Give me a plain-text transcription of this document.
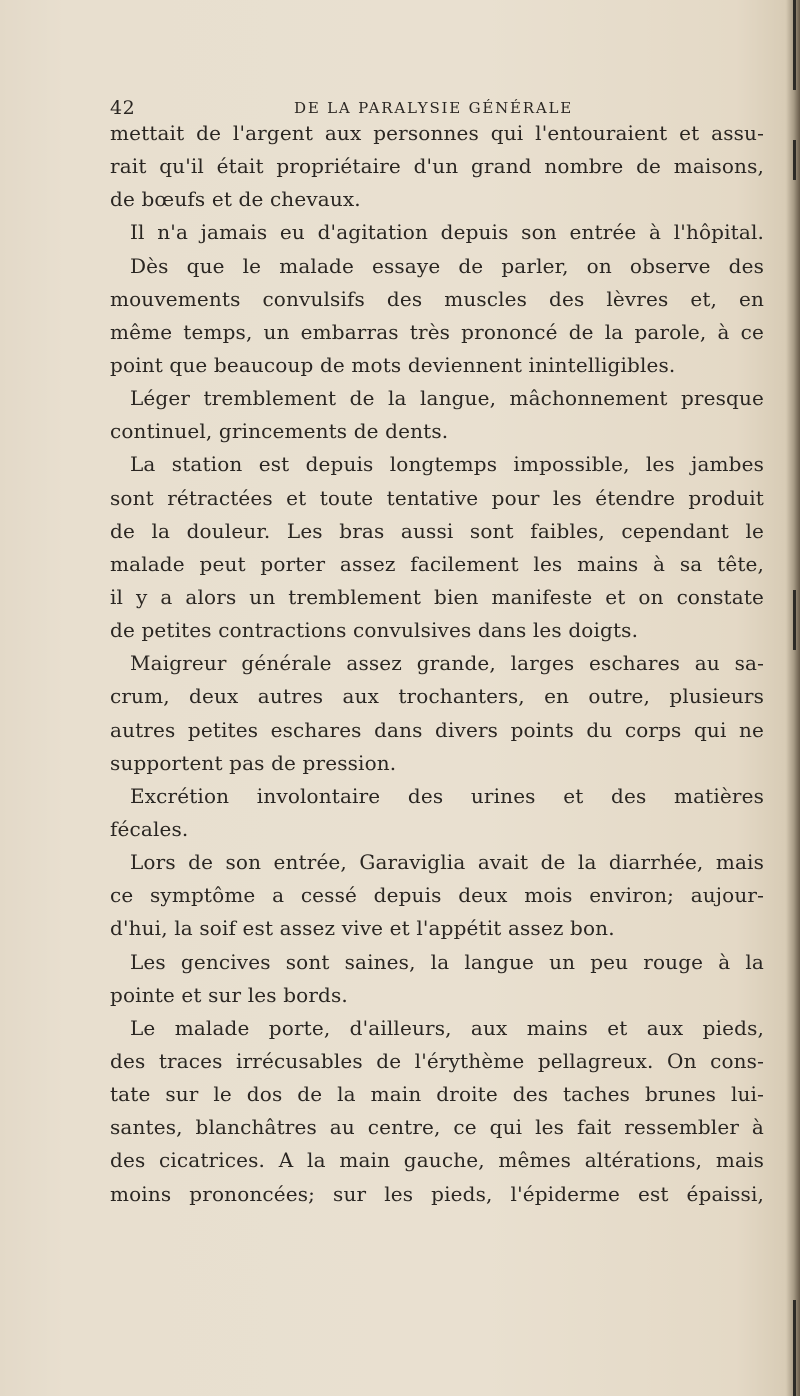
42	DE LA PARALYSIE GÉNÉRALE
mettait de l'argent aux personnes qui l'entouraient et assu-
rait qu'il était propriétaire d'un grand nombre de maisons,
de bœufs et de chevaux.
Il n'a jamais eu d'agitation depuis son entrée à l'hôpital.
Dès que le malade essaye de parler, on observe des
mouvements convulsifs des muscles des lèvres et, en
même temps, un embarras très prononcé de la parole, à ce
point que beaucoup de mots deviennent inintelligibles.
Léger tremblement de la langue, mâchonnement presque
continuel, grincements de dents.
La station est depuis longtemps impossible, les jambes
sont rétractées et toute tentative pour les étendre produit
de la douleur. Les bras aussi sont faibles, cependant le
malade peut porter assez facilement les mains à sa tête,
il y a alors un tremblement bien manifeste et on constate
de petites contractions convulsives dans les doigts.
Maigreur générale assez grande, larges eschares au sa-
crum, deux autres aux trochanters, en outre, plusieurs
autres petites eschares dans divers points du corps qui ne
supportent pas de pression.
Excrétion involontaire des urines et des matières
fécales.
Lors de son entrée, Garaviglia avait de la diarrhée, mais
ce symptôme a cessé depuis deux mois environ; aujour-
d'hui, la soif est assez vive et l'appétit assez bon.
Les gencives sont saines, la langue un peu rouge à la
pointe et sur les bords.
Le malade porte, d'ailleurs, aux mains et aux pieds,
des traces irrécusables de l'érythème pellagreux. On cons-
tate sur le dos de la main droite des taches brunes lui-
santes, blanchâtres au centre, ce qui les fait ressembler à
des cicatrices. A la main gauche, mêmes altérations, mais
moins prononcées; sur les pieds, l'épiderme est épaissi,
